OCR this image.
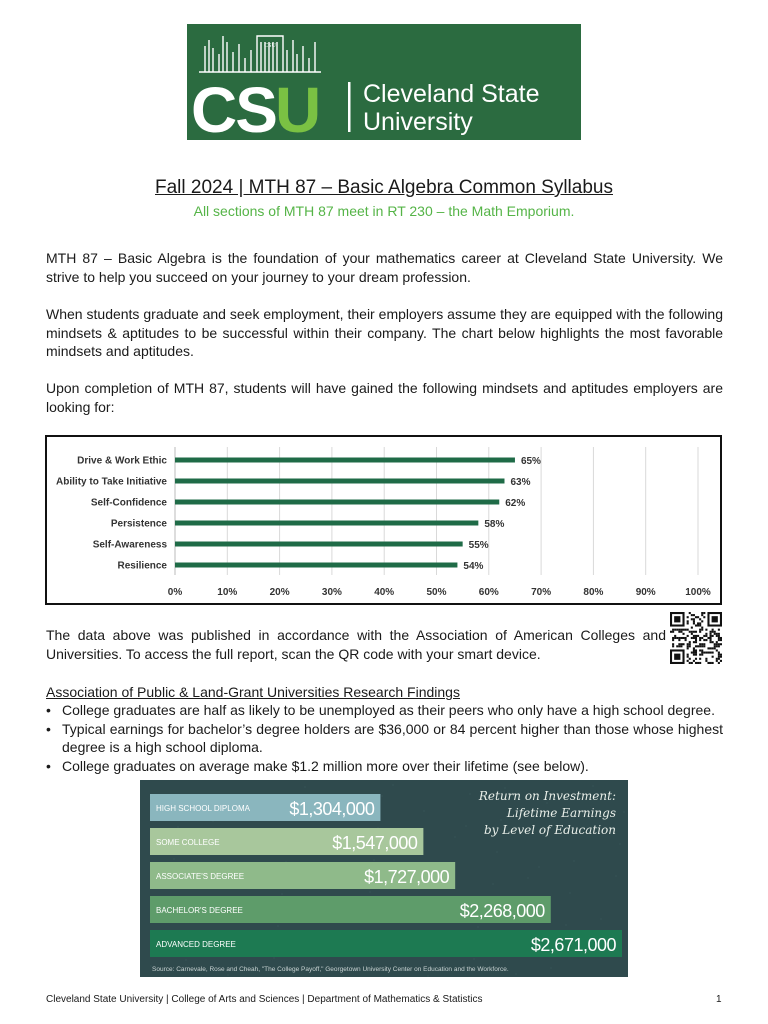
CSU
CS U Cleveland State
University
Fall 2024 | MTH 87 – Basic Algebra Common Syllabus
All sections of MTH 87 meet in RT 230 – the Math Emporium.
MTH 87 – Basic Algebra is the foundation of your mathematics career at Cleveland State University. We strive to help you succeed on your journey to your dream profession.
When students graduate and seek employment, their employers assume they are equipped with the following mindsets & aptitudes to be successful within their company. The chart below highlights the most favorable mindsets and aptitudes.
Upon completion of MTH 87, students will have gained the following mindsets and aptitudes employers are looking for:
0%	10%	20%	30%	40%	50%	60%	70%	80%	90%	100%
Drive & Work Ethic	65%
Ability to Take Initiative	63%
Self-Confidence	62%
Persistence	58%
Self-Awareness	55%
Resilience	54%
The data above was published in accordance with the Association of American Colleges and Universities. To access the full report, scan the QR code with your smart device.
Association of Public & Land-Grant Universities Research Findings
• College graduates are half as likely to be unemployed as their peers who only have a high school degree.
• Typical earnings for bachelor’s degree holders are $36,000 or 84 percent higher than those whose highest degree is a high school diploma.
• College graduates on average make $1.2 million more over their lifetime (see below).
HIGH SCHOOL DIPLOMA $1,304,000
SOME COLLEGE	$1,547,000
ASSOCIATE'S DEGREE	$1,727,000
BACHELOR'S DEGREE	$2,268,000
ADVANCED DEGREE	$2,671,000
Return on Investment:
Lifetime Earnings
by Level of Education
Source: Carnevale, Rose and Cheah, "The College Payoff," Georgetown University Center on Education and the Workforce.
Cleveland State University | College of Arts and Sciences | Department of Mathematics & Statistics	1
